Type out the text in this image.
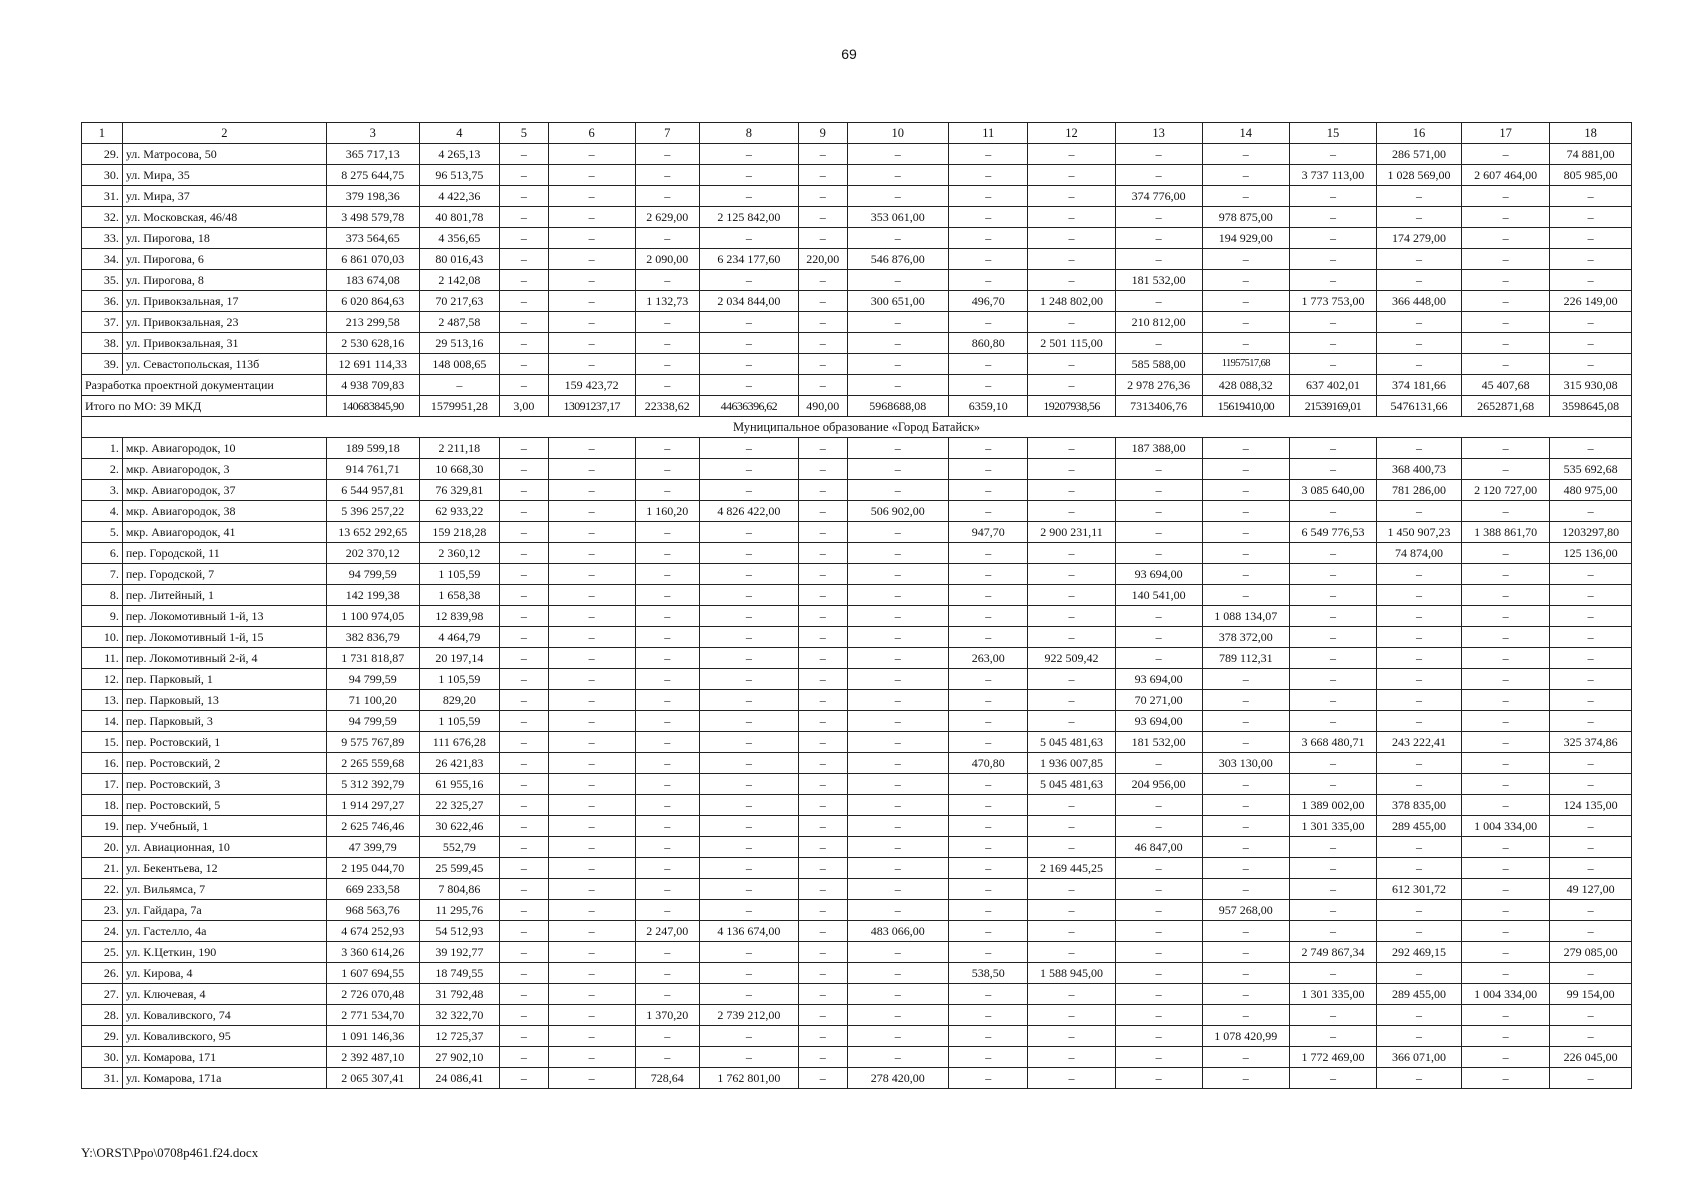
69
1	2	3	4	5	6	7	8	9	10	11	12	13	14	15	16	17	18
29.	ул. Матросова, 50	365 717,13	4 265,13	–	–	–	–	–	–	–	–	–	–	–	286 571,00	–	74 881,00
30.	ул. Мира, 35	8 275 644,75	96 513,75	–	–	–	–	–	–	–	–	–	–	3 737 113,00	1 028 569,00	2 607 464,00	805 985,00
31.	ул. Мира, 37	379 198,36	4 422,36	–	–	–	–	–	–	–	–	374 776,00	–	–	–	–	–
32.	ул. Московская, 46/48	3 498 579,78	40 801,78	–	–	2 629,00	2 125 842,00	–	353 061,00	–	–	–	978 875,00	–	–	–	–
33.	ул. Пирогова, 18	373 564,65	4 356,65	–	–	–	–	–	–	–	–	–	194 929,00	–	174 279,00	–	–
34.	ул. Пирогова, 6	6 861 070,03	80 016,43	–	–	2 090,00	6 234 177,60	220,00	546 876,00	–	–	–	–	–	–	–	–
35.	ул. Пирогова, 8	183 674,08	2 142,08	–	–	–	–	–	–	–	–	181 532,00	–	–	–	–	–
36.	ул. Привокзальная, 17	6 020 864,63	70 217,63	–	–	1 132,73	2 034 844,00	–	300 651,00	496,70	1 248 802,00	–	–	1 773 753,00	366 448,00	–	226 149,00
37.	ул. Привокзальная, 23	213 299,58	2 487,58	–	–	–	–	–	–	–	–	210 812,00	–	–	–	–	–
38.	ул. Привокзальная, 31	2 530 628,16	29 513,16	–	–	–	–	–	–	860,80	2 501 115,00	–	–	–	–	–	–
39.	ул. Севастопольская, 113б	12 691 114,33	148 008,65	–	–	–	–	–	–	–	–	585 588,00	11957517,68	–	–	–	–
Разработка проектной документации		4 938 709,83	–	–	159 423,72	–	–	–	–	–	–	2 978 276,36	428 088,32	637 402,01	374 181,66	45 407,68	315 930,08
Итого по МО: 39 МКД		140683845,90	1579951,28	3,00	13091237,17	22338,62	44636396,62	490,00	5968688,08	6359,10	19207938,56	7313406,76	15619410,00	21539169,01	5476131,66	2652871,68	3598645,08
Муниципальное образование «Город Батайск»																	
1.	мкр. Авиагородок, 10	189 599,18	2 211,18	–	–	–	–	–	–	–	–	187 388,00	–	–	–	–	–
2.	мкр. Авиагородок, 3	914 761,71	10 668,30	–	–	–	–	–	–	–	–	–	–	–	368 400,73	–	535 692,68
3.	мкр. Авиагородок, 37	6 544 957,81	76 329,81	–	–	–	–	–	–	–	–	–	–	3 085 640,00	781 286,00	2 120 727,00	480 975,00
4.	мкр. Авиагородок, 38	5 396 257,22	62 933,22	–	–	1 160,20	4 826 422,00	–	506 902,00	–	–	–	–	–	–	–	–
5.	мкр. Авиагородок, 41	13 652 292,65	159 218,28	–	–	–	–	–	–	947,70	2 900 231,11	–	–	6 549 776,53	1 450 907,23	1 388 861,70	1203297,80
6.	пер. Городской, 11	202 370,12	2 360,12	–	–	–	–	–	–	–	–	–	–	–	74 874,00	–	125 136,00
7.	пер. Городской, 7	94 799,59	1 105,59	–	–	–	–	–	–	–	–	93 694,00	–	–	–	–	–
8.	пер. Литейный, 1	142 199,38	1 658,38	–	–	–	–	–	–	–	–	140 541,00	–	–	–	–	–
9.	пер. Локомотивный 1-й, 13	1 100 974,05	12 839,98	–	–	–	–	–	–	–	–	–	1 088 134,07	–	–	–	–
10.	пер. Локомотивный 1-й, 15	382 836,79	4 464,79	–	–	–	–	–	–	–	–	–	378 372,00	–	–	–	–
11.	пер. Локомотивный 2-й, 4	1 731 818,87	20 197,14	–	–	–	–	–	–	263,00	922 509,42	–	789 112,31	–	–	–	–
12.	пер. Парковый, 1	94 799,59	1 105,59	–	–	–	–	–	–	–	–	93 694,00	–	–	–	–	–
13.	пер. Парковый, 13	71 100,20	829,20	–	–	–	–	–	–	–	–	70 271,00	–	–	–	–	–
14.	пер. Парковый, 3	94 799,59	1 105,59	–	–	–	–	–	–	–	–	93 694,00	–	–	–	–	–
15.	пер. Ростовский, 1	9 575 767,89	111 676,28	–	–	–	–	–	–	–	5 045 481,63	181 532,00	–	3 668 480,71	243 222,41	–	325 374,86
16.	пер. Ростовский, 2	2 265 559,68	26 421,83	–	–	–	–	–	–	470,80	1 936 007,85	–	303 130,00	–	–	–	–
17.	пер. Ростовский, 3	5 312 392,79	61 955,16	–	–	–	–	–	–	–	5 045 481,63	204 956,00	–	–	–	–	–
18.	пер. Ростовский, 5	1 914 297,27	22 325,27	–	–	–	–	–	–	–	–	–	–	1 389 002,00	378 835,00	–	124 135,00
19.	пер. Учебный, 1	2 625 746,46	30 622,46	–	–	–	–	–	–	–	–	–	–	1 301 335,00	289 455,00	1 004 334,00	–
20.	ул. Авиационная, 10	47 399,79	552,79	–	–	–	–	–	–	–	–	46 847,00	–	–	–	–	–
21.	ул. Бекентьева, 12	2 195 044,70	25 599,45	–	–	–	–	–	–	–	2 169 445,25	–	–	–	–	–	–
22.	ул. Вильямса, 7	669 233,58	7 804,86	–	–	–	–	–	–	–	–	–	–	–	612 301,72	–	49 127,00
23.	ул. Гайдара, 7а	968 563,76	11 295,76	–	–	–	–	–	–	–	–	–	957 268,00	–	–	–	–
24.	ул. Гастелло, 4а	4 674 252,93	54 512,93	–	–	2 247,00	4 136 674,00	–	483 066,00	–	–	–	–	–	–	–	–
25.	ул. К.Цеткин, 190	3 360 614,26	39 192,77	–	–	–	–	–	–	–	–	–	–	2 749 867,34	292 469,15	–	279 085,00
26.	ул. Кирова, 4	1 607 694,55	18 749,55	–	–	–	–	–	–	538,50	1 588 945,00	–	–	–	–	–	–
27.	ул. Ключевая, 4	2 726 070,48	31 792,48	–	–	–	–	–	–	–	–	–	–	1 301 335,00	289 455,00	1 004 334,00	99 154,00
28.	ул. Коваливского, 74	2 771 534,70	32 322,70	–	–	1 370,20	2 739 212,00	–	–	–	–	–	–	–	–	–	–
29.	ул. Коваливского, 95	1 091 146,36	12 725,37	–	–	–	–	–	–	–	–	–	1 078 420,99	–	–	–	–
30.	ул. Комарова, 171	2 392 487,10	27 902,10	–	–	–	–	–	–	–	–	–	–	1 772 469,00	366 071,00	–	226 045,00
31.	ул. Комарова, 171а	2 065 307,41	24 086,41	–	–	728,64	1 762 801,00	–	278 420,00	–	–	–	–	–	–	–	–
Y:\ORST\Ppo\0708p461.f24.docx
